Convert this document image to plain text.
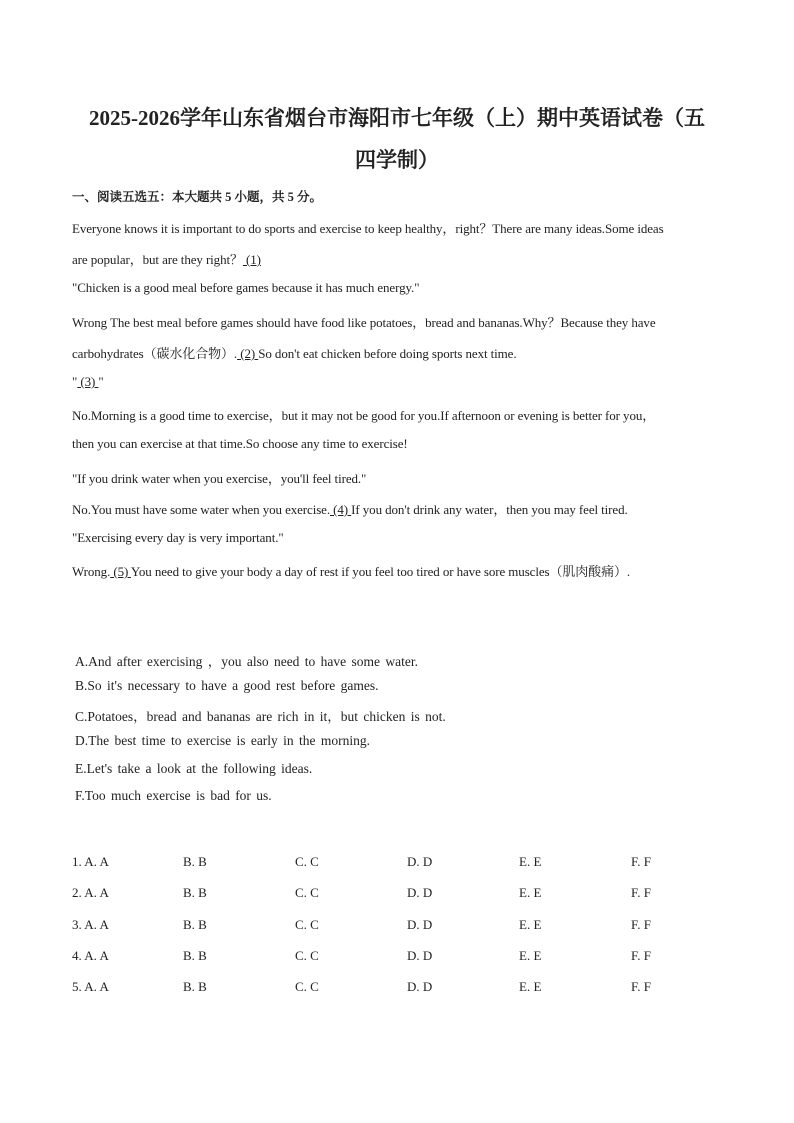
2025-2026学年山东省烟台市海阳市七年级（上）期中英语试卷（五
四学制）
一、阅读五选五：本大题共 5 小题，共 5 分。
Everyone knows it is important to do sports and exercise to keep healthy，right？There are many ideas.Some ideas
are popular，but are they right？ (1)
"Chicken is a good meal before games because it has much energy."
Wrong The best meal before games should have food like potatoes，bread and bananas.Why？Because they have
carbohydrates（碳水化合物）. (2) So don't eat chicken before doing sports next time.
" (3) "
No.Morning is a good time to exercise，but it may not be good for you.If afternoon or evening is better for you，
then you can exercise at that time.So choose any time to exercise!
"If you drink water when you exercise，you'll feel tired."
No.You must have some water when you exercise. (4) If you don't drink any water，then you may feel tired.
"Exercising every day is very important."
Wrong. (5) You need to give your body a day of rest if you feel too tired or have sore muscles（肌肉酸痛）.
A.And after exercising ，you also need to have some water.
B.So it's necessary to have a good rest before games.
C.Potatoes，bread and bananas are rich in it，but chicken is not.
D.The best time to exercise is early in the morning.
E.Let's take a look at the following ideas.
F.Too much exercise is bad for us.
1. A. A	B. B	C. C	D. D	E. E	F. F
2. A. A	B. B	C. C	D. D	E. E	F. F
3. A. A	B. B	C. C	D. D	E. E	F. F
4. A. A	B. B	C. C	D. D	E. E	F. F
5. A. A	B. B	C. C	D. D	E. E	F. F
